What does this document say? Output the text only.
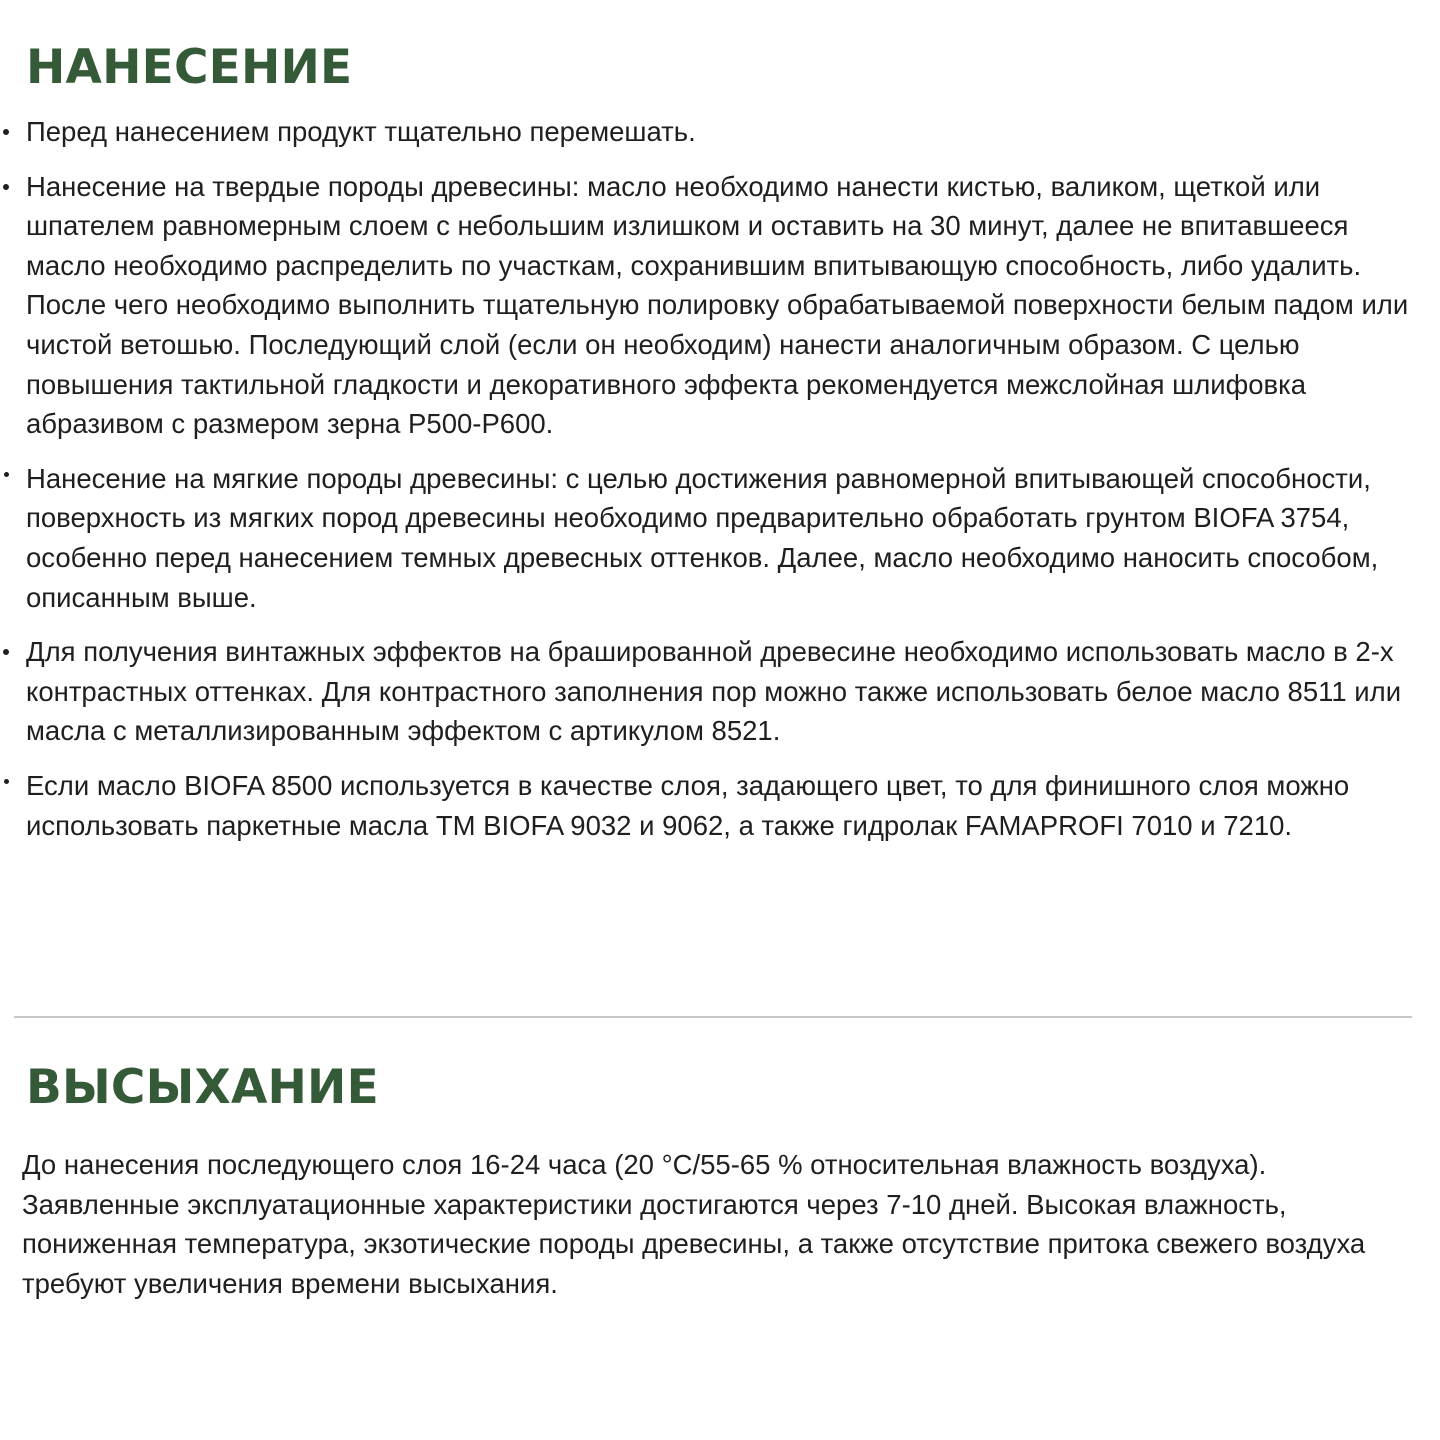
НАНЕСЕНИЕ
Перед нанесением продукт тщательно перемешать.
Нанесение на твердые породы древесины: масло необходимо нанести кистью, валиком, щеткой или шпателем равномерным слоем с небольшим излишком и оставить на 30 минут, далее не впитавшееся масло необходимо распределить по участкам, сохранившим впитывающую способность, либо удалить. После чего необходимо выполнить тщательную полировку обрабатываемой поверхности белым падом или чистой ветошью. Последующий слой (если он необходим) нанести аналогичным образом. С целью повышения тактильной гладкости и декоративного эффекта рекомендуется межслойная шлифовка абразивом с размером зерна Р500-Р600.
Нанесение на мягкие породы древесины: с целью достижения равномерной впитывающей способности, поверхность из мягких пород древесины необходимо предварительно обработать грунтом BIOFA 3754, особенно перед нанесением темных древесных оттенков. Далее, масло необходимо наносить способом, описанным выше.
Для получения винтажных эффектов на брашированной древесине необходимо использовать масло в 2-х контрастных оттенках. Для контрастного заполнения пор можно также использовать белое масло 8511 или масла с металлизированным эффектом с артикулом 8521.
Если масло BIOFA 8500 используется в качестве слоя, задающего цвет, то для финишного слоя можно использовать паркетные масла ТМ BIOFA 9032 и 9062, а также гидролак FAMAPROFI 7010 и 7210.
ВЫСЫХАНИЕ

До нанесения последующего слоя 16-24 часа (20 °С/55-65 % относительная влажность воздуха). Заявленные эксплуатационные характеристики достигаются через 7-10 дней. Высокая влажность, пониженная температура, экзотические породы древесины, а также отсутствие притока свежего воздуха требуют увеличения времени высыхания.
